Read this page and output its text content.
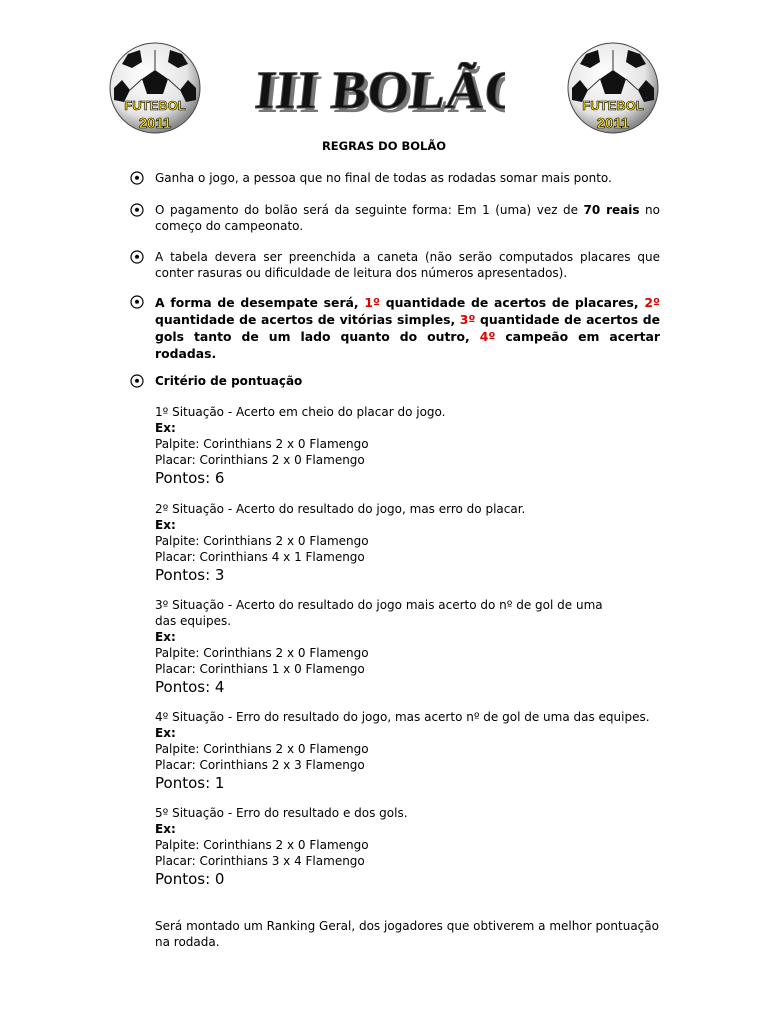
FUTEBOL
2011
FUTEBOL
2011
III BOLÃO
III BOLÃO
REGRAS DO BOLÃO
Ganha o jogo, a pessoa que no final de todas as rodadas somar mais ponto.
O pagamento do bolão será da seguinte forma: Em 1 (uma) vez de 70 reais no começo do campeonato.
A tabela devera ser preenchida a caneta (não serão computados placares que conter rasuras ou dificuldade de leitura dos números apresentados).
A forma de desempate será, 1º quantidade de acertos de placares, 2º quantidade de acertos de vitórias simples, 3º quantidade de acertos de gols tanto de um lado quanto do outro, 4º campeão em acertar rodadas.
Critério de pontuação
1º Situação - Acerto em cheio do placar do jogo.
Ex:
Palpite: Corinthians 2 x 0 Flamengo
Placar: Corinthians 2 x 0 Flamengo
Pontos: 6
2º Situação - Acerto do resultado do jogo, mas erro do placar.
Ex:
Palpite: Corinthians 2 x 0 Flamengo
Placar: Corinthians 4 x 1 Flamengo
Pontos: 3
3º Situação - Acerto do resultado do jogo mais acerto do nº de gol de uma das equipes.
Ex:
Palpite: Corinthians 2 x 0 Flamengo
Placar: Corinthians 1 x 0 Flamengo
Pontos: 4
4º Situação - Erro do resultado do jogo, mas acerto nº de gol de uma das equipes.
Ex:
Palpite: Corinthians 2 x 0 Flamengo
Placar: Corinthians 2 x 3 Flamengo
Pontos: 1
5º Situação - Erro do resultado e dos gols.
Ex:
Palpite: Corinthians 2 x 0 Flamengo
Placar: Corinthians 3 x 4 Flamengo
Pontos: 0
Será montado um Ranking Geral, dos jogadores que obtiverem a melhor pontuação na rodada.
